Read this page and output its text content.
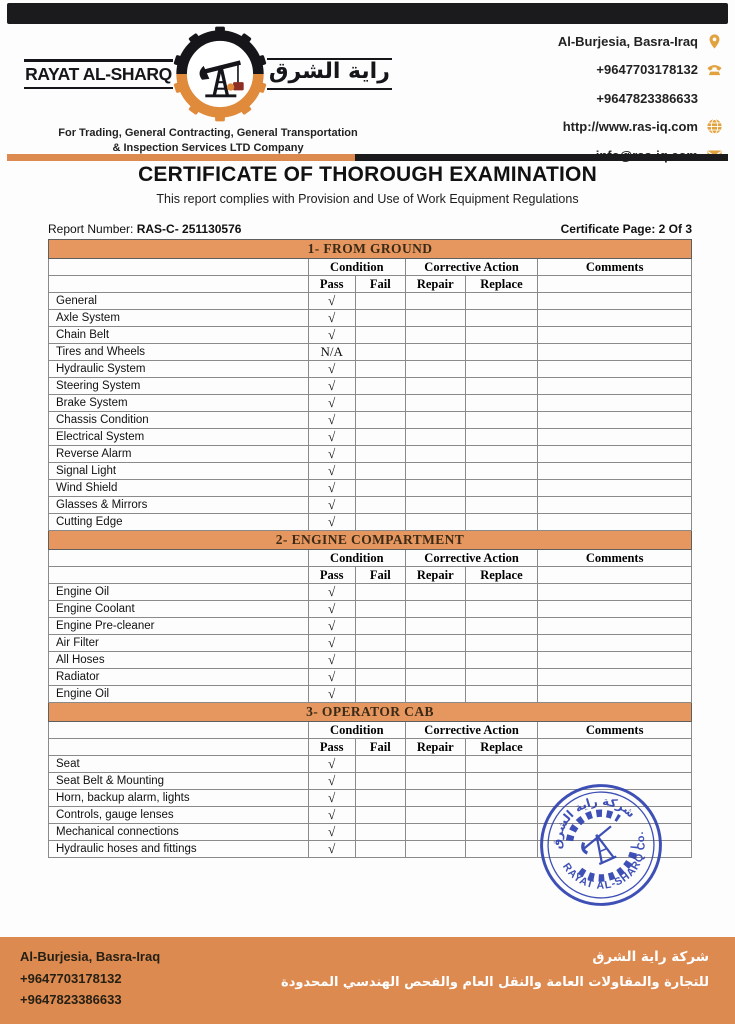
RAYAT AL-SHARQ	راية الشرق
For Trading, General Contracting, General Transportation
& Inspection Services LTD Company
Al-Burjesia, Basra-Iraq
+9647703178132
+9647823386633
http://www.ras-iq.com
CERTIFICATE OF THOROUGH EXAMINATION
This report complies with Provision and Use of Work Equipment Regulations
Report Number: RAS-C- 251130576	Certificate Page: 2 Of 3
1- FROM GROUND					
	Condition		Corrective Action		Comments
	Pass	Fail	Repair	Replace	
General	√				
Axle System	√				
Chain Belt	√				
Tires and Wheels	N/A				
Hydraulic System	√				
Steering System	√				
Brake System	√				
Chassis Condition	√				
Electrical System	√				
Reverse Alarm	√				
Signal Light	√				
Wind Shield	√				
Glasses & Mirrors	√				
Cutting Edge	√				
2- ENGINE COMPARTMENT					
	Condition		Corrective Action		Comments
	Pass	Fail	Repair	Replace	
Engine Oil	√				
Engine Coolant	√				
Engine Pre-cleaner	√				
Air Filter	√				
All Hoses	√				
Radiator	√				
Engine Oil	√				
3- OPERATOR CAB					
	Condition		Corrective Action		Comments
	Pass	Fail	Repair	Replace	
Seat	√				
Seat Belt & Mounting	√				
Horn, backup alarm, lights	√				
Controls, gauge lenses	√				
Mechanical connections	√				
Hydraulic hoses and fittings	√					شركة راية الشرق
RAYAT AL-SHARQ Co.
Al-Burjesia, Basra-Iraq
+9647703178132
+9647823386633
شركة راية الشرق
للتجارة والمقاولات العامة والنقل العام والفحص الهندسي المحدودة
